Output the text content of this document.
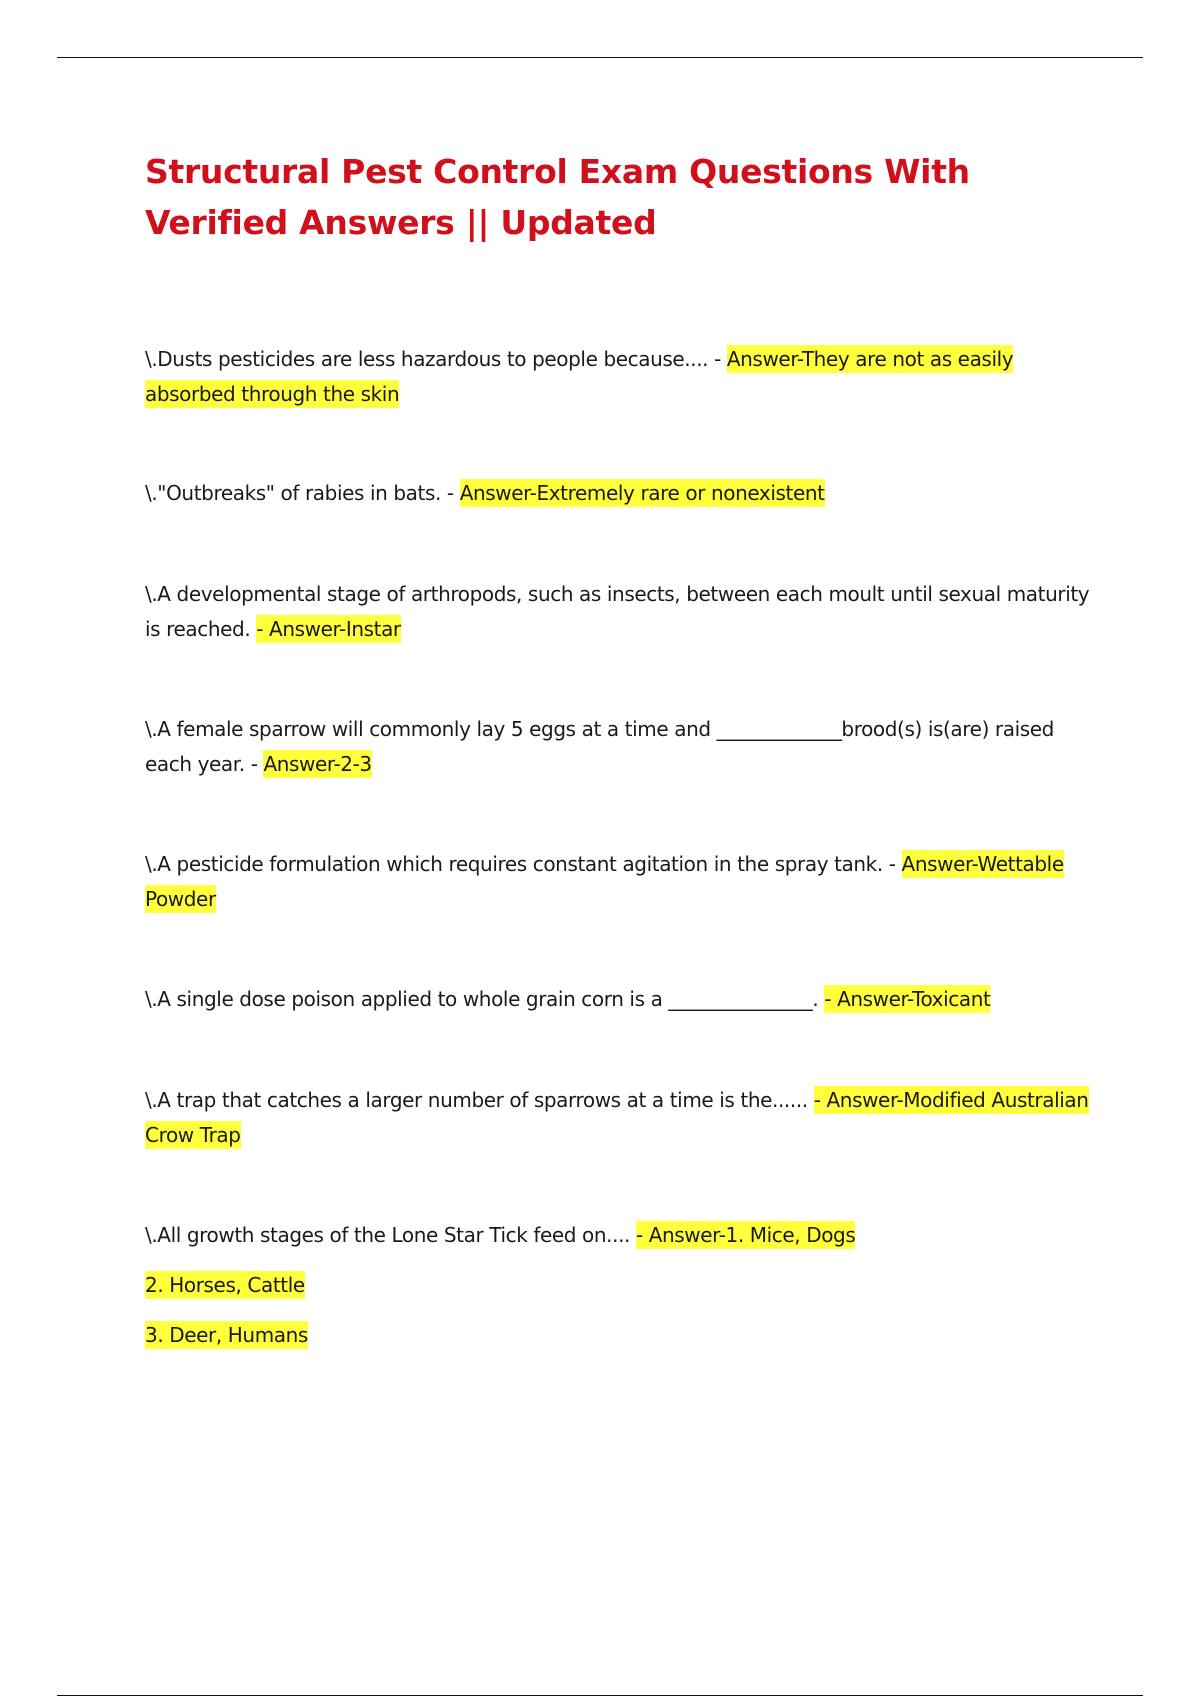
Structural Pest Control Exam Questions With Verified Answers || Updated

\.Dusts pesticides are less hazardous to people because.... - Answer-They are not as easily absorbed through the skin

\."Outbreaks" of rabies in bats. - Answer-Extremely rare or nonexistent

\.A developmental stage of arthropods, such as insects, between each moult until sexual maturity is reached. - Answer-Instar

\.A female sparrow will commonly lay 5 eggs at a time and _____________brood(s) is(are) raised each year. - Answer-2-3

\.A pesticide formulation which requires constant agitation in the spray tank. - Answer-Wettable Powder

\.A single dose poison applied to whole grain corn is a _______________. - Answer-Toxicant

\.A trap that catches a larger number of sparrows at a time is the...... - Answer-Modified Australian Crow Trap

\.All growth stages of the Lone Star Tick feed on.... - Answer-1. Mice, Dogs

2. Horses, Cattle

3. Deer, Humans
